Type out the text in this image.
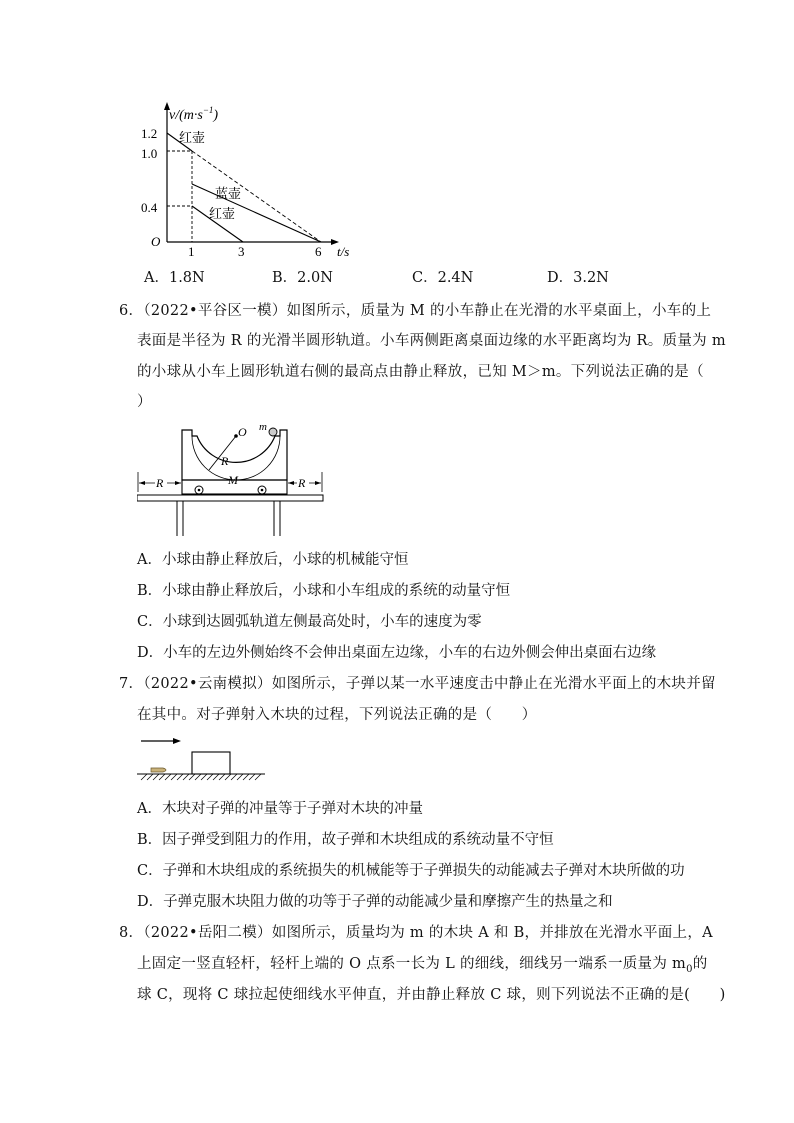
$v/(m\cdot s^{-1})$
1.2
1.0
0.4
O
1	3	6 t/s
红壶
蓝壶
红壶
A．1.8N	B．2.0N	C．2.4N	D．3.2N
6．（2022•平谷区一模）如图所示，质量为 M 的小车静止在光滑的水平桌面上，小车的上
表面是半径为 R 的光滑半圆形轨道。小车两侧距离桌面边缘的水平距离均为 R。质量为 m
的小球从小车上圆形轨道右侧的最高点由静止释放，已知 M＞m。下列说法正确的是（
）
O
R
m
M
R	R
A．小球由静止释放后，小球的机械能守恒
B．小球由静止释放后，小球和小车组成的系统的动量守恒
C．小球到达圆弧轨道左侧最高处时，小车的速度为零
D．小车的左边外侧始终不会伸出桌面左边缘，小车的右边外侧会伸出桌面右边缘
7．（2022•云南模拟）如图所示，子弹以某一水平速度击中静止在光滑水平面上的木块并留
在其中。对子弹射入木块的过程，下列说法正确的是（　　）
A．木块对子弹的冲量等于子弹对木块的冲量
B．因子弹受到阻力的作用，故子弹和木块组成的系统动量不守恒
C．子弹和木块组成的系统损失的机械能等于子弹损失的动能减去子弹对木块所做的功
D．子弹克服木块阻力做的功等于子弹的动能减少量和摩擦产生的热量之和
8．（2022•岳阳二模）如图所示，质量均为 m 的木块 A 和 B，并排放在光滑水平面上，A
上固定一竖直轻杆，轻杆上端的 O 点系一长为 L 的细线，细线另一端系一质量为 $m_0$的
球 C，现将 C 球拉起使细线水平伸直，并由静止释放 C 球，则下列说法不正确的是(　　)
